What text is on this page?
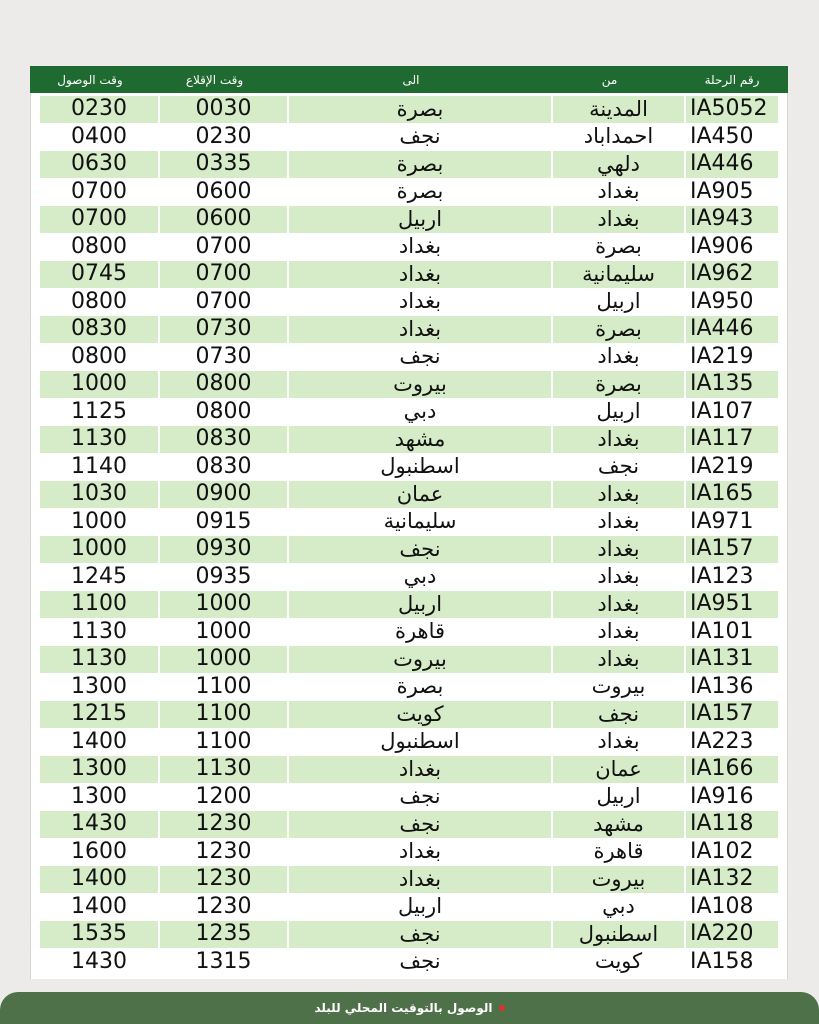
وقت الوصول	وقت الإقلاع	الى	من	رقم الرحلة
0230	0030	بصرة	المدينة	IA5052
0400	0230	نجف	احمداباد	IA450
0630	0335	بصرة	دلهي	IA446
0700	0600	بصرة	بغداد	IA905
0700	0600	اربيل	بغداد	IA943
0800	0700	بغداد	بصرة	IA906
0745	0700	بغداد	سليمانية	IA962
0800	0700	بغداد	اربيل	IA950
0830	0730	بغداد	بصرة	IA446
0800	0730	نجف	بغداد	IA219
1000	0800	بيروت	بصرة	IA135
1125	0800	دبي	اربيل	IA107
1130	0830	مشهد	بغداد	IA117
1140	0830	اسطنبول	نجف	IA219
1030	0900	عمان	بغداد	IA165
1000	0915	سليمانية	بغداد	IA971
1000	0930	نجف	بغداد	IA157
1245	0935	دبي	بغداد	IA123
1100	1000	اربيل	بغداد	IA951
1130	1000	قاهرة	بغداد	IA101
1130	1000	بيروت	بغداد	IA131
1300	1100	بصرة	بيروت	IA136
1215	1100	كويت	نجف	IA157
1400	1100	اسطنبول	بغداد	IA223
1300	1130	بغداد	عمان	IA166
1300	1200	نجف	اربيل	IA916
1430	1230	نجف	مشهد	IA118
1600	1230	بغداد	قاهرة	IA102
1400	1230	بغداد	بيروت	IA132
1400	1230	اربيل	دبي	IA108
1535	1235	نجف	اسطنبول	IA220
1430	1315	نجف	كويت	IA158
الوصول بالتوقيت المحلي للبلد
